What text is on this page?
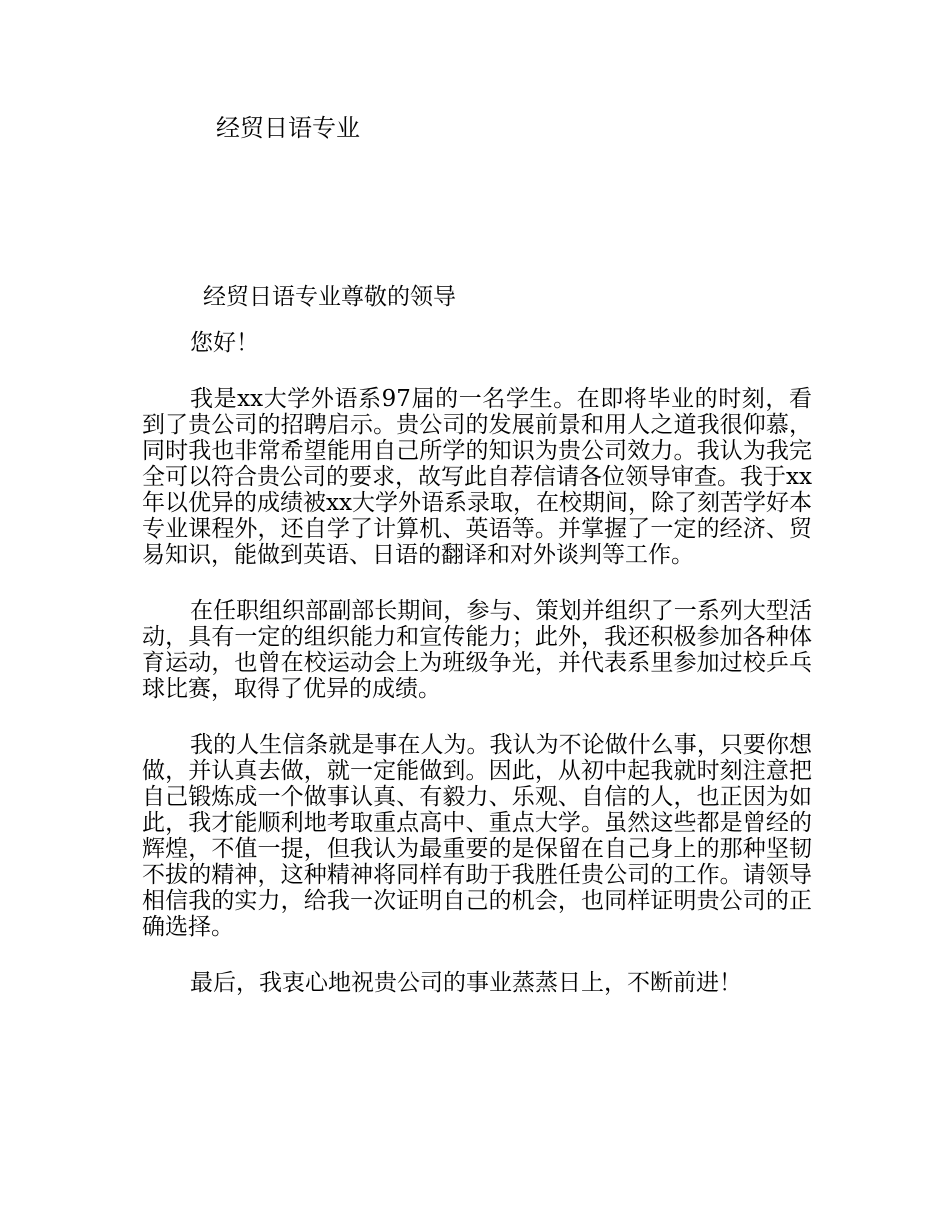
经贸日语专业

经贸日语专业尊敬的领导

您好！

我是xx大学外语系97届的一名学生。在即将毕业的时刻，看到了贵公司的招聘启示。贵公司的发展前景和用人之道我很仰慕，同时我也非常希望能用自己所学的知识为贵公司效力。我认为我完全可以符合贵公司的要求，故写此自荐信请各位领导审查。我于xx年以优异的成绩被xx大学外语系录取，在校期间，除了刻苦学好本专业课程外，还自学了计算机、英语等。并掌握了一定的经济、贸易知识，能做到英语、日语的翻译和对外谈判等工作。

在任职组织部副部长期间，参与、策划并组织了一系列大型活动，具有一定的组织能力和宣传能力；此外，我还积极参加各种体育运动，也曾在校运动会上为班级争光，并代表系里参加过校乒乓球比赛，取得了优异的成绩。

我的人生信条就是事在人为。我认为不论做什么事，只要你想做，并认真去做，就一定能做到。因此，从初中起我就时刻注意把自己锻炼成一个做事认真、有毅力、乐观、自信的人，也正因为如此，我才能顺利地考取重点高中、重点大学。虽然这些都是曾经的辉煌，不值一提，但我认为最重要的是保留在自己身上的那种坚韧不拔的精神，这种精神将同样有助于我胜任贵公司的工作。请领导相信我的实力，给我一次证明自己的机会，也同样证明贵公司的正确选择。

最后，我衷心地祝贵公司的事业蒸蒸日上，不断前进！
